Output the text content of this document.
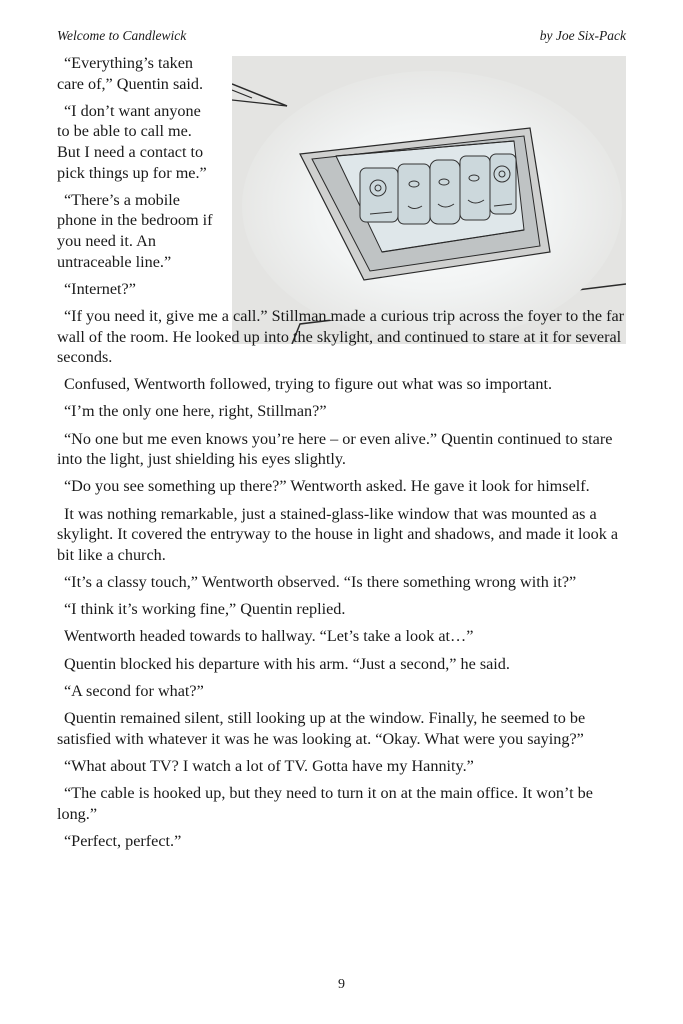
Welcome to Candlewick	by Joe Six-Pack

“Everything’s taken care of,” Quentin said.

“I don’t want anyone to be able to call me. But I need a contact to pick things up for me.”

“There’s a mobile phone in the bedroom if you need it. An untraceable line.”

“Internet?”

“If you need it, give me a call.” Stillman made a curious trip across the foyer to the far wall of the room. He looked up into the skylight, and continued to stare at it for several seconds.

Confused, Wentworth followed, trying to figure out what was so important.

“I’m the only one here, right, Stillman?”

“No one but me even knows you’re here – or even alive.” Quentin continued to stare into the light, just shielding his eyes slightly.

“Do you see something up there?” Wentworth asked. He gave it look for himself.

It was nothing remarkable, just a stained-glass-like window that was mounted as a skylight. It covered the entryway to the house in light and shadows, and made it look a bit like a church.

“It’s a classy touch,” Wentworth observed. “Is there something wrong with it?”

“I think it’s working fine,” Quentin replied.

Wentworth headed towards to hallway. “Let’s take a look at…”

Quentin blocked his departure with his arm. “Just a second,” he said.

“A second for what?”

Quentin remained silent, still looking up at the window. Finally, he seemed to be satisfied with whatever it was he was looking at. “Okay. What were you saying?”

“What about TV? I watch a lot of TV. Gotta have my Hannity.”

“The cable is hooked up, but they need to turn it on at the main office. It won’t be long.”

“Perfect, perfect.”

9
